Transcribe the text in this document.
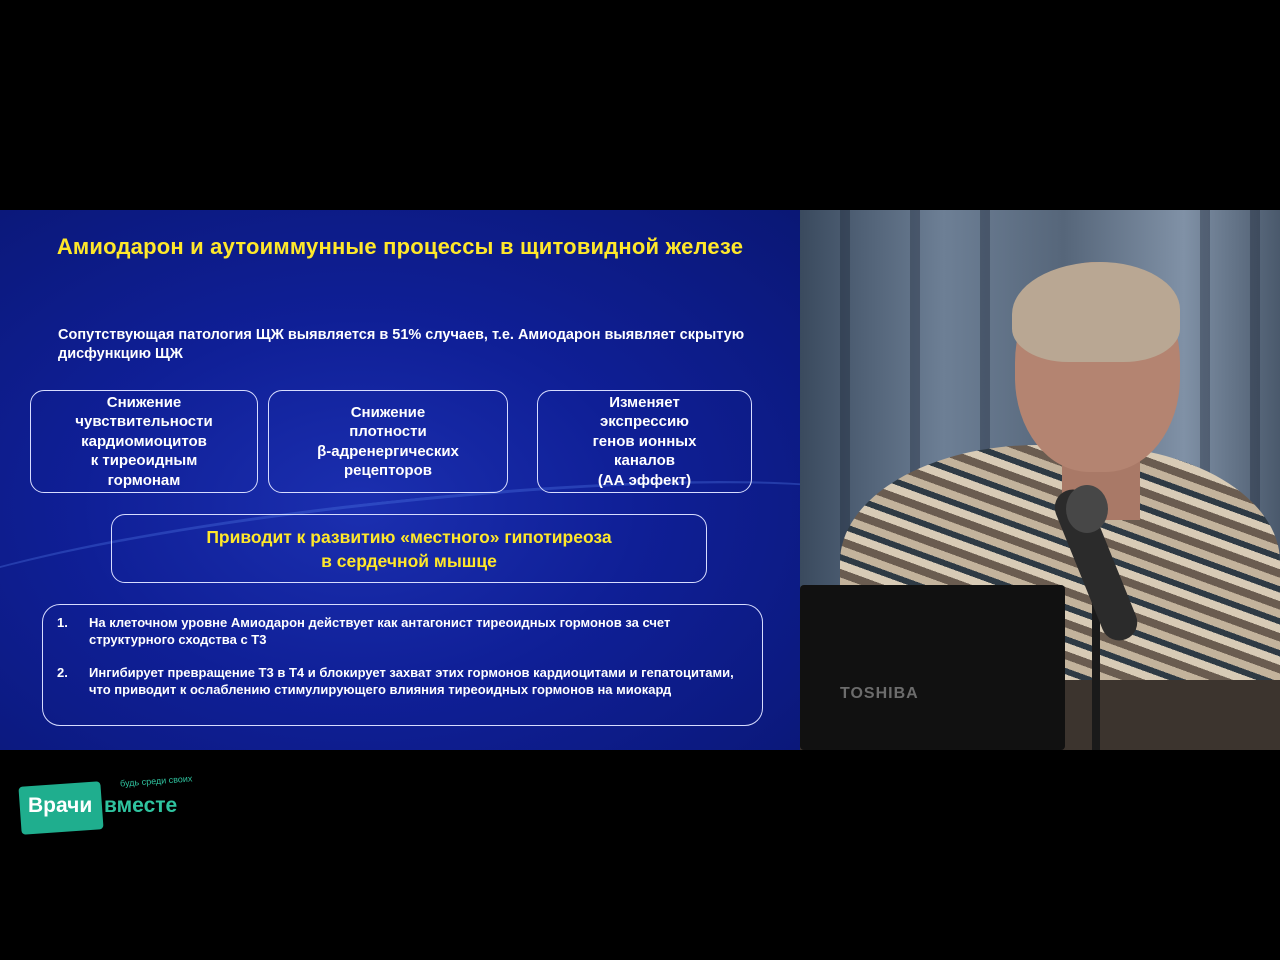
Амиодарон и аутоиммунные процессы в щитовидной железе
Сопутствующая патология ЩЖ выявляется в 51% случаев, т.е. Амиодарон выявляет скрытую дисфункцию ЩЖ
Снижение
чувствительности
кардиомиоцитов
к тиреоидным
гормонам
Снижение
плотности
β-адренергических
рецепторов
Изменяет
экспрессию
генов ионных
каналов
(АА эффект)
Приводит к развитию «местного» гипотиреоза
в сердечной мышце
1.	На клеточном уровне Амиодарон действует как антагонист тиреоидных гормонов за счет структурного сходства с Т3
2.	Ингибирует превращение Т3 в Т4 и блокирует захват этих гормонов кардиоцитами и гепатоцитами, что приводит к ослаблению стимулирующего влияния тиреоидных гормонов на миокард	TOSHIBA
Врачи вместе
будь среди своих
